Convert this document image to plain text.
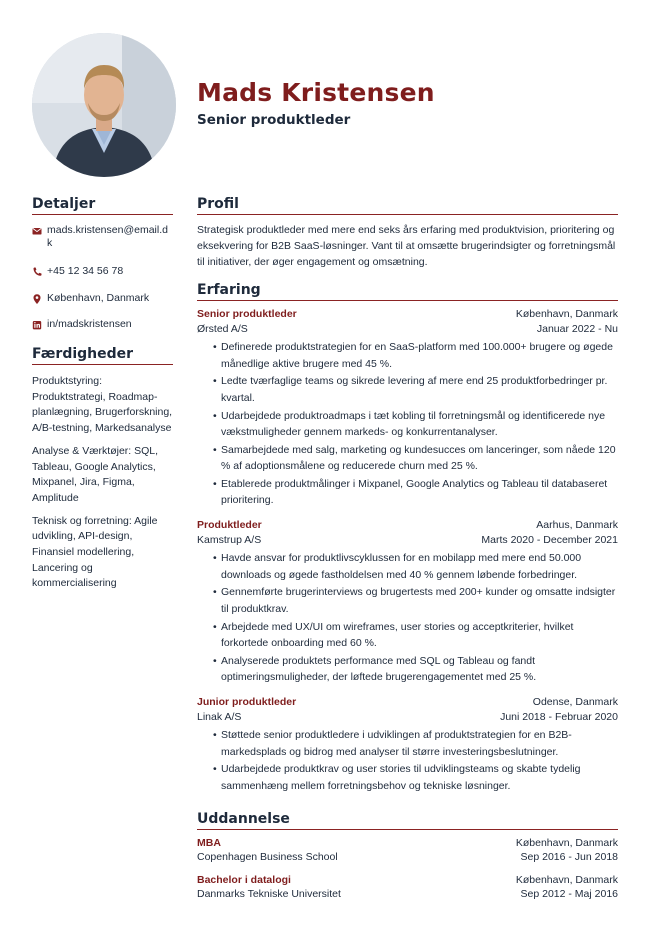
Mads Kristensen
Senior produktleder
Detaljer
mads.kristensen@email.dk
+45 12 34 56 78
København, Danmark
in/madskristensen
Færdigheder
Produktstyring: Produktstrategi, Roadmap-planlægning, Brugerforskning, A/B-testning, Markedsanalyse
Analyse & Værktøjer: SQL, Tableau, Google Analytics, Mixpanel, Jira, Figma, Amplitude
Teknisk og forretning: Agile udvikling, API-design, Finansiel modellering, Lancering og kommercialisering
Profil
Strategisk produktleder med mere end seks års erfaring med produktvision, prioritering og eksekvering for B2B SaaS-løsninger. Vant til at omsætte brugerindsigter og forretningsmål til initiativer, der øger engagement og omsætning.
Erfaring
Senior produktleder	København, Danmark
Ørsted A/S	Januar 2022 - Nu
• Definerede produktstrategien for en SaaS-platform med 100.000+ brugere og øgede månedlige aktive brugere med 45 %.
• Ledte tværfaglige teams og sikrede levering af mere end 25 produktforbedringer pr. kvartal.
• Udarbejdede produktroadmaps i tæt kobling til forretningsmål og identificerede nye vækstmuligheder gennem markeds- og konkurrentanalyser.
• Samarbejdede med salg, marketing og kundesucces om lanceringer, som nåede 120 % af adoptionsmålene og reducerede churn med 25 %.
• Etablerede produktmålinger i Mixpanel, Google Analytics og Tableau til databaseret prioritering.
Produktleder	Aarhus, Danmark
Kamstrup A/S	Marts 2020 - December 2021
• Havde ansvar for produktlivscyklussen for en mobilapp med mere end 50.000 downloads og øgede fastholdelsen med 40 % gennem løbende forbedringer.
• Gennemførte brugerinterviews og brugertests med 200+ kunder og omsatte indsigter til produktkrav.
• Arbejdede med UX/UI om wireframes, user stories og acceptkriterier, hvilket forkortede onboarding med 60 %.
• Analyserede produktets performance med SQL og Tableau og fandt optimeringsmuligheder, der løftede brugerengagementet med 25 %.
Junior produktleder	Odense, Danmark
Linak A/S	Juni 2018 - Februar 2020
• Støttede senior produktledere i udviklingen af produktstrategien for en B2B-markedsplads og bidrog med analyser til større investeringsbeslutninger.
• Udarbejdede produktkrav og user stories til udviklingsteams og skabte tydelig sammenhæng mellem forretningsbehov og tekniske løsninger.
Uddannelse
MBA	København, Danmark
Copenhagen Business School	Sep 2016 - Jun 2018
Bachelor i datalogi	København, Danmark
Danmarks Tekniske Universitet	Sep 2012 - Maj 2016
